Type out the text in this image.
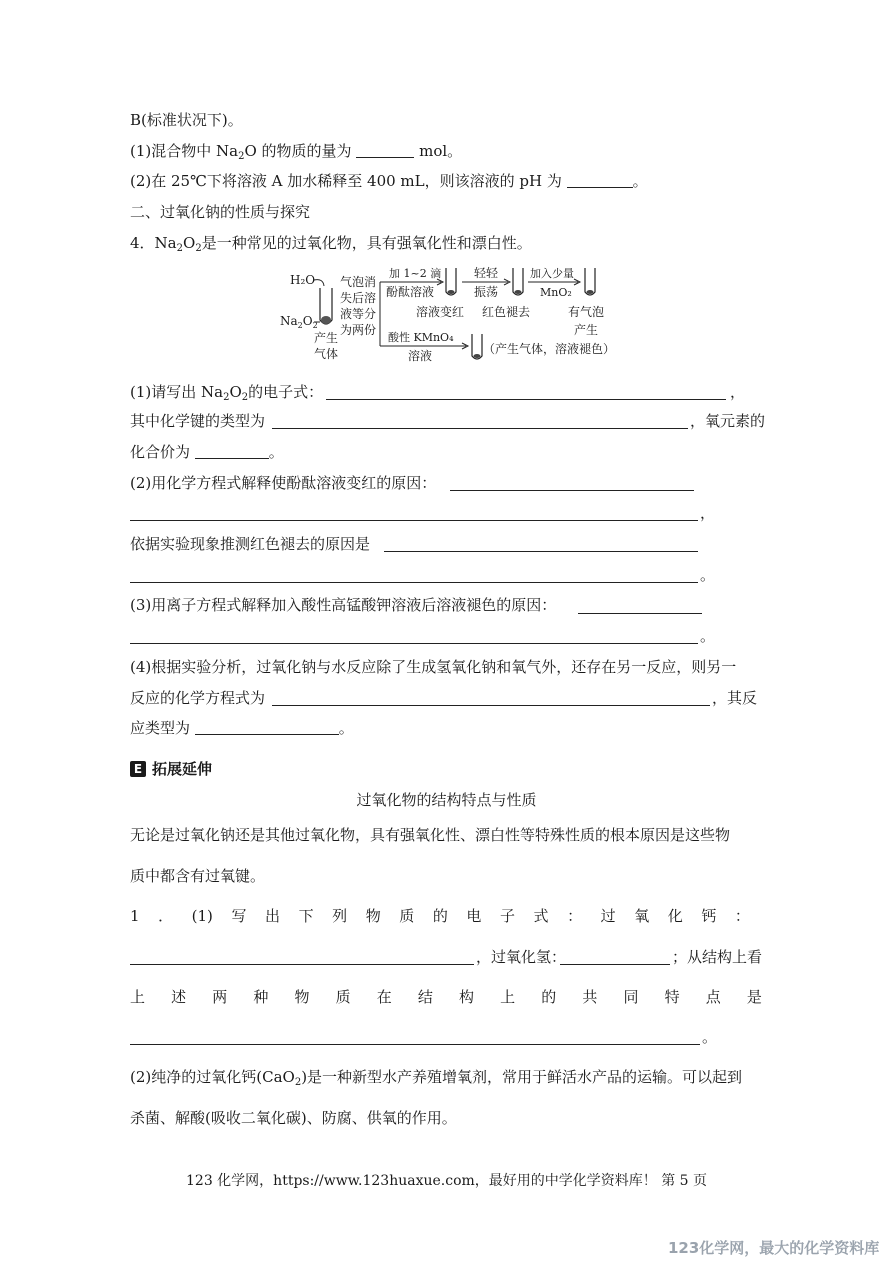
B(标准状况下)。
(1)混合物中 $Na_2O$ 的物质的量为	mol。
(2)在 25℃下将溶液 A 加水稀释至 400 mL，则该溶液的 pH 为	。
二、过氧化钠的性质与探究
4．$Na_2O_2$是一种常见的过氧化物，具有强氧化性和漂白性。
H₂O
$Na_2O_2$
产生
气体
气泡消
失后溶
液等分
为两份
加 1~2 滴
酚酞溶液
溶液变红
轻轻
振荡
红色褪去
加入少量
MnO₂
有气泡
产生
酸性 KMnO₄
溶液	（产生气体，溶液褪色）
(1)请写出 $Na_2O_2$的电子式：	，
其中化学键的类型为	，氧元素的
化合价为	。
(2)用化学方程式解释使酚酞溶液变红的原因：
，
依据实验现象推测红色褪去的原因是
。
(3)用离子方程式解释加入酸性高锰酸钾溶液后溶液褪色的原因：
。
(4)根据实验分析，过氧化钠与水反应除了生成氢氧化钠和氧气外，还存在另一反应，则另一
反应的化学方程式为	，其反
应类型为	。
E 拓展延伸
过氧化物的结构特点与性质
无论是过氧化钠还是其他过氧化物，具有强氧化性、漂白性等特殊性质的根本原因是这些物
质中都含有过氧键。
1 ． (1) 写 出 下 列 物 质 的 电 子 式 ： 过 氧 化 钙 ：
，过氧化氢：	；从结构上看
上 述 两 种 物 质 在 结 构 上 的 共 同 特 点 是
。
(2)纯净的过氧化钙(CaO$_2$)是一种新型水产养殖增氧剂，常用于鲜活水产品的运输。可以起到
杀菌、解酸(吸收二氧化碳)、防腐、供氧的作用。
123 化学网，https://www.123huaxue.com，最好用的中学化学资料库！ 第 5 页
123化学网，最大的化学资料库
